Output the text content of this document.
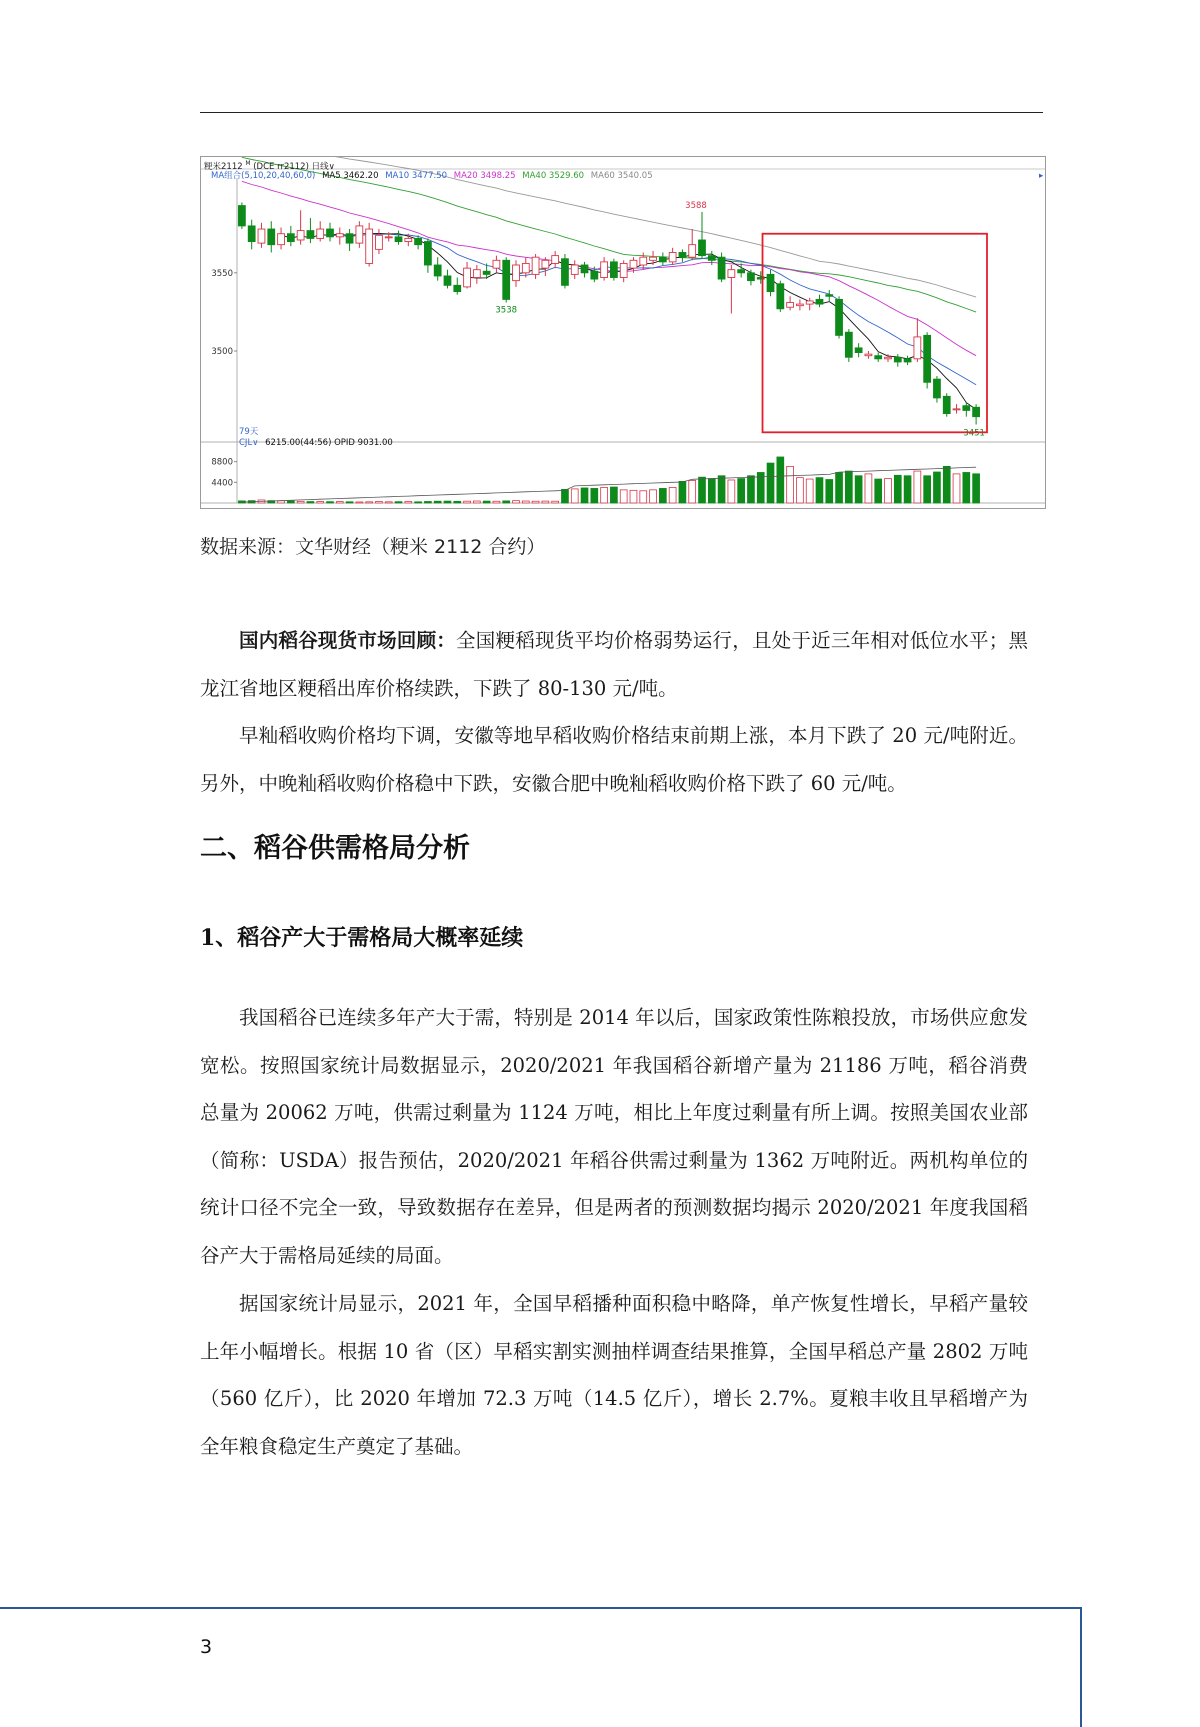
3550
3500
8800
4400
3588
3538
3451
粳米2112 $^M$ (DCE rr2112) 日线∨
MA组合(5,10,20,40,60,0) MA5 3462.20 MA10 3477.50 MA20 3498.25 MA40 3529.60 MA60 3540.05	▸
79天
CJL∨ 6215.00(44:56) OPID 9031.00
数据来源：文华财经（粳米 2112 合约）

国内稻谷现货市场回顾：全国粳稻现货平均价格弱势运行，且处于近三年相对低位水平；黑龙江省地区粳稻出库价格续跌，下跌了 80-130 元/吨。

早籼稻收购价格均下调，安徽等地早稻收购价格结束前期上涨，本月下跌了 20 元/吨附近。另外，中晚籼稻收购价格稳中下跌，安徽合肥中晚籼稻收购价格下跌了 60 元/吨。

二、稻谷供需格局分析
1、稻谷产大于需格局大概率延续

我国稻谷已连续多年产大于需，特别是 2014 年以后，国家政策性陈粮投放，市场供应愈发宽松。按照国家统计局数据显示，2020/2021 年我国稻谷新增产量为 21186 万吨，稻谷消费总量为 20062 万吨，供需过剩量为 1124 万吨，相比上年度过剩量有所上调。按照美国农业部（简称：USDA）报告预估，2020/2021 年稻谷供需过剩量为 1362 万吨附近。两机构单位的统计口径不完全一致，导致数据存在差异，但是两者的预测数据均揭示 2020/2021 年度我国稻谷产大于需格局延续的局面。

据国家统计局显示，2021 年，全国早稻播种面积稳中略降，单产恢复性增长，早稻产量较上年小幅增长。根据 10 省（区）早稻实割实测抽样调查结果推算，全国早稻总产量 2802 万吨（560 亿斤），比 2020 年增加 72.3 万吨（14.5 亿斤），增长 2.7%。夏粮丰收且早稻增产为全年粮食稳定生产奠定了基础。

3
